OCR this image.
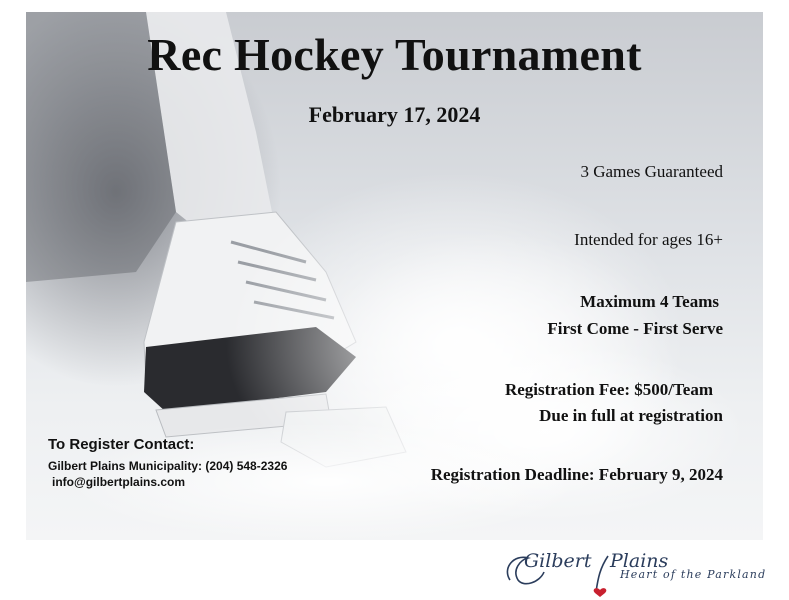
Rec Hockey Tournament
February 17, 2024
3 Games Guaranteed
Intended for ages 16+
Maximum 4 Teams
First Come - First Serve
Registration Fee: $500/Team
Due in full at registration
Registration Deadline: February 9, 2024
To Register Contact:
Gilbert Plains Municipality: (204) 548-2326
info@gilbertplains.com
Gilbert Plains
Heart of the Parkland
